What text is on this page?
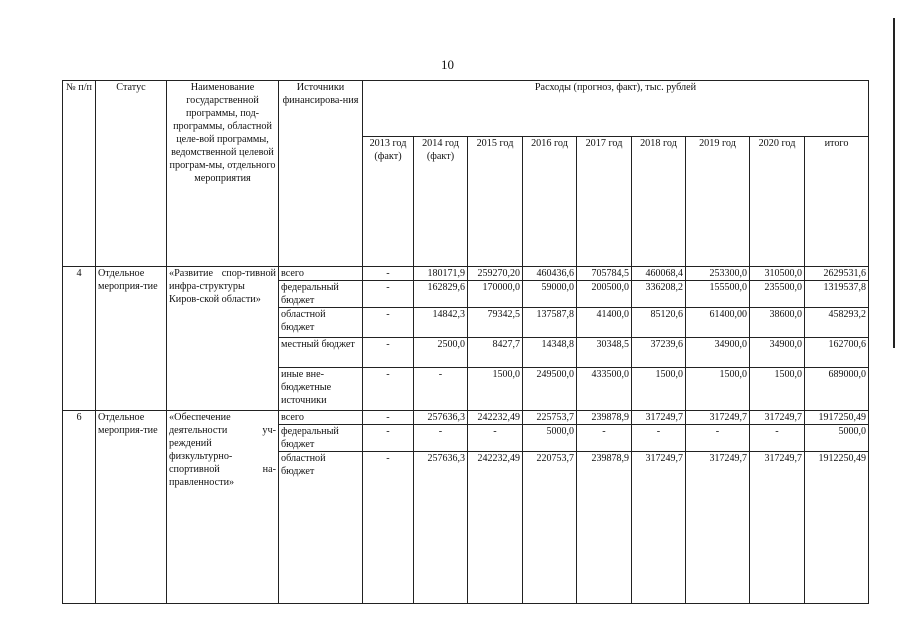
10
№ п/п	Статус	Наименование государственной программы, под-программы, областной целе-вой программы, ведомственной целевой програм-мы, отдельного мероприятия	Источники финансирова-ния	Расходы (прогноз, факт), тыс. рублей								
				2013 год (факт)	2014 год (факт)	2015 год	2016 год	2017 год	2018 год	2019 год	2020 год	итого
4	Отдельное мероприя-тие	«Развитие спор-тивной инфра-структуры Киров-ской области»	всего	-	180171,9	259270,20	460436,6	705784,5	460068,4	253300,0	310500,0	2629531,6
			федеральный бюджет	-	162829,6	170000,0	59000,0	200500,0	336208,2	155500,0	235500,0	1319537,8
			областной бюджет	-	14842,3	79342,5	137587,8	41400,0	85120,6	61400,00	38600,0	458293,2
			местный бюджет	-	2500,0	8427,7	14348,8	30348,5	37239,6	34900,0	34900,0	162700,6
			иные вне-бюджетные источники	-	-	1500,0	249500,0	433500,0	1500,0	1500,0	1500,0	689000,0
6	Отдельное мероприя-тие	«Обеспечение деятельности уч-реждений физкультурно-спортивной на-правленности»	всего	-	257636,3	242232,49	225753,7	239878,9	317249,7	317249,7	317249,7	1917250,49
			федеральный бюджет	-	-	-	5000,0	-	-	-	-	5000,0
			областной бюджет	-	257636,3	242232,49	220753,7	239878,9	317249,7	317249,7	317249,7	1912250,49
